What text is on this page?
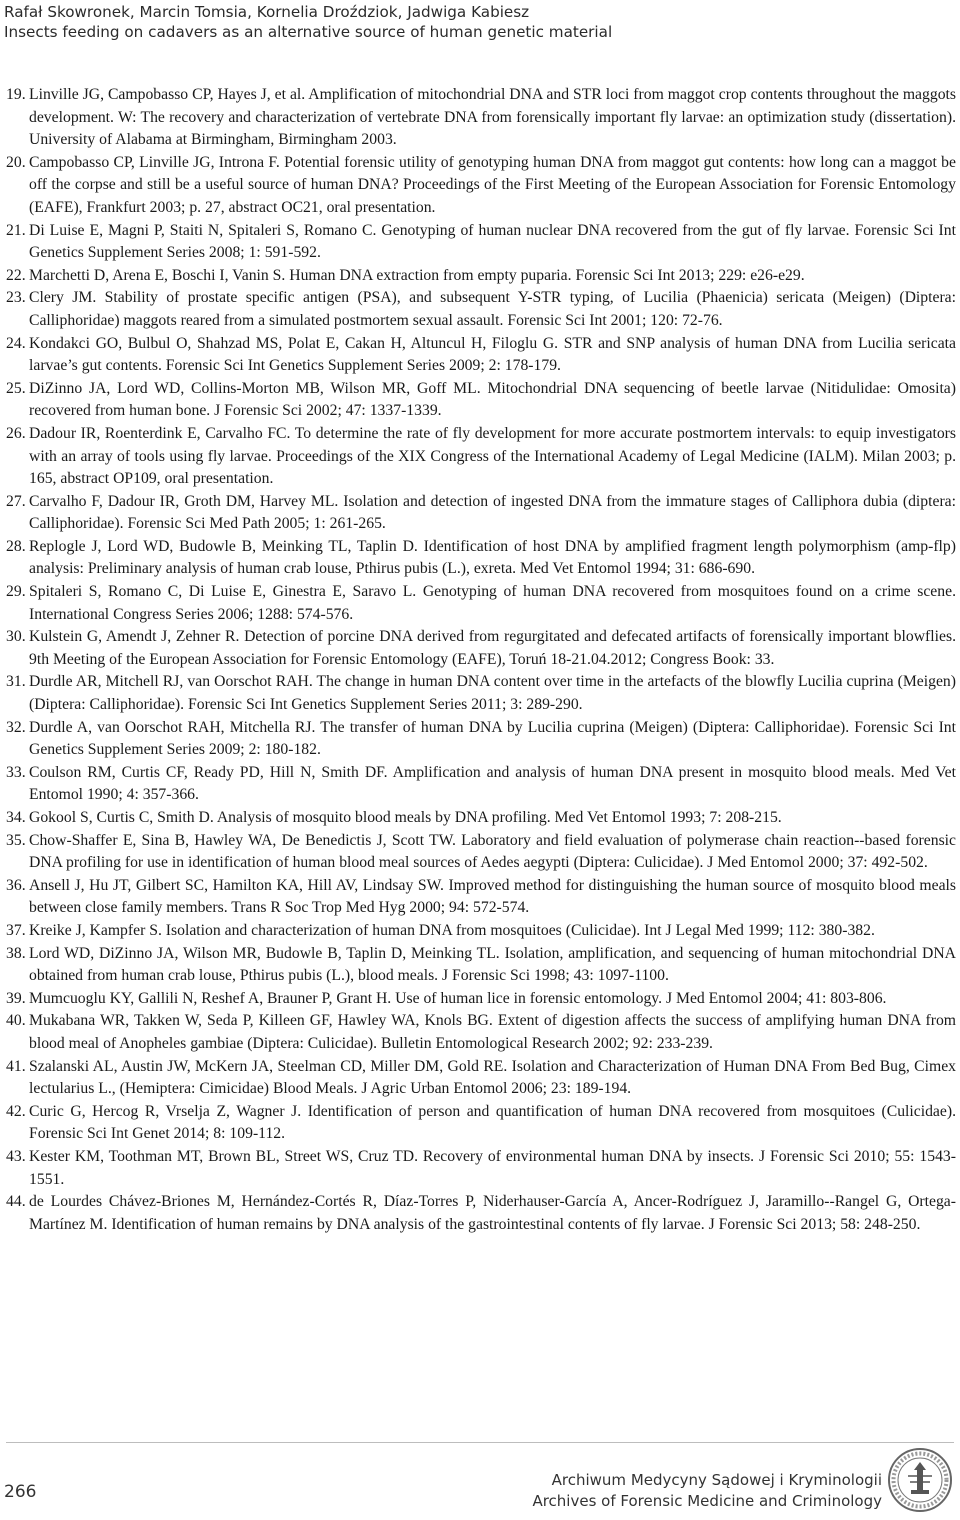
Rafał Skowronek, Marcin Tomsia, Kornelia Droździok, Jadwiga Kabiesz
Insects feeding on cadavers as an alternative source of human genetic material
19. Linville JG, Campobasso CP, Hayes J, et al. Amplification of mitochondrial DNA and STR loci from maggot crop contents throughout the maggots development. W: The recovery and characterization of vertebrate DNA from forensically important fly larvae: an optimization study (dissertation). University of Alabama at Birmingham, Birmingham 2003.
20. Campobasso CP, Linville JG, Introna F. Potential forensic utility of genotyping human DNA from maggot gut contents: how long can a maggot be off the corpse and still be a useful source of human DNA? Proceedings of the First Meeting of the European Association for Forensic Entomology (EAFE), Frankfurt 2003; p. 27, abstract OC21, oral presentation.
21. Di Luise E, Magni P, Staiti N, Spitaleri S, Romano C. Genotyping of human nuclear DNA recovered from the gut of fly larvae. Forensic Sci Int Genetics Supplement Series 2008; 1: 591-592.
22. Marchetti D, Arena E, Boschi I, Vanin S. Human DNA extraction from empty puparia. Forensic Sci Int 2013; 229: e26-e29.
23. Clery JM. Stability of prostate specific antigen (PSA), and subsequent Y-STR typing, of Lucilia (Phaenicia) sericata (Meigen) (Diptera: Calliphoridae) maggots reared from a simulated postmortem sexual assault. Forensic Sci Int 2001; 120: 72-76.
24. Kondakci GO, Bulbul O, Shahzad MS, Polat E, Cakan H, Altuncul H, Filoglu G. STR and SNP analysis of human DNA from Lucilia sericata larvae’s gut contents. Forensic Sci Int Genetics Supplement Series 2009; 2: 178-179.
25. DiZinno JA, Lord WD, Collins-Morton MB, Wilson MR, Goff ML. Mitochondrial DNA sequencing of beetle larvae (Nitidulidae: Omosita) recovered from human bone. J Forensic Sci 2002; 47: 1337-1339.
26. Dadour IR, Roenterdink E, Carvalho FC. To determine the rate of fly development for more accurate postmortem intervals: to equip investigators with an array of tools using fly larvae. Proceedings of the XIX Congress of the International Academy of Legal Medicine (IALM). Milan 2003; p. 165, abstract OP109, oral presentation.
27. Carvalho F, Dadour IR, Groth DM, Harvey ML. Isolation and detection of ingested DNA from the immature stages of Calliphora dubia (diptera: Calliphoridae). Forensic Sci Med Path 2005; 1: 261-265.
28. Replogle J, Lord WD, Budowle B, Meinking TL, Taplin D. Identification of host DNA by amplified fragment length polymorphism (amp-flp) analysis: Preliminary analysis of human crab louse, Pthirus pubis (L.), exreta. Med Vet Entomol 1994; 31: 686-690.
29. Spitaleri S, Romano C, Di Luise E, Ginestra E, Saravo L. Genotyping of human DNA recovered from mosquitoes found on a crime scene. International Congress Series 2006; 1288: 574-576.
30. Kulstein G, Amendt J, Zehner R. Detection of porcine DNA derived from regurgitated and defecated artifacts of forensically important blowflies. 9th Meeting of the European Association for Forensic Entomology (EAFE), Toruń 18-21.04.2012; Congress Book: 33.
31. Durdle AR, Mitchell RJ, van Oorschot RAH. The change in human DNA content over time in the artefacts of the blowfly Lucilia cuprina (Meigen) (Diptera: Calliphoridae). Forensic Sci Int Genetics Supplement Series 2011; 3: 289-290.
32. Durdle A, van Oorschot RAH, Mitchella RJ. The transfer of human DNA by Lucilia cuprina (Meigen) (Diptera: Calliphoridae). Forensic Sci Int Genetics Supplement Series 2009; 2: 180-182.
33. Coulson RM, Curtis CF, Ready PD, Hill N, Smith DF. Amplification and analysis of human DNA present in mosquito blood meals. Med Vet Entomol 1990; 4: 357-366.
34. Gokool S, Curtis C, Smith D. Analysis of mosquito blood meals by DNA profiling. Med Vet Entomol 1993; 7: 208-215.
35. Chow-Shaffer E, Sina B, Hawley WA, De Benedictis J, Scott TW. Laboratory and field evaluation of polymerase chain reaction--based forensic DNA profiling for use in identification of human blood meal sources of Aedes aegypti (Diptera: Culicidae). J Med Entomol 2000; 37: 492-502.
36. Ansell J, Hu JT, Gilbert SC, Hamilton KA, Hill AV, Lindsay SW. Improved method for distinguishing the human source of mosquito blood meals between close family members. Trans R Soc Trop Med Hyg 2000; 94: 572-574.
37. Kreike J, Kampfer S. Isolation and characterization of human DNA from mosquitoes (Culicidae). Int J Legal Med 1999; 112: 380-382.
38. Lord WD, DiZinno JA, Wilson MR, Budowle B, Taplin D, Meinking TL. Isolation, amplification, and sequencing of human mitochondrial DNA obtained from human crab louse, Pthirus pubis (L.), blood meals. J Forensic Sci 1998; 43: 1097-1100.
39. Mumcuoglu KY, Gallili N, Reshef A, Brauner P, Grant H. Use of human lice in forensic entomology. J Med Entomol 2004; 41: 803-806.
40. Mukabana WR, Takken W, Seda P, Killeen GF, Hawley WA, Knols BG. Extent of digestion affects the success of amplifying human DNA from blood meal of Anopheles gambiae (Diptera: Culicidae). Bulletin Entomological Research 2002; 92: 233-239.
41. Szalanski AL, Austin JW, McKern JA, Steelman CD, Miller DM, Gold RE. Isolation and Characterization of Human DNA From Bed Bug, Cimex lectularius L., (Hemiptera: Cimicidae) Blood Meals. J Agric Urban Entomol 2006; 23: 189-194.
42. Curic G, Hercog R, Vrselja Z, Wagner J. Identification of person and quantification of human DNA recovered from mosquitoes (Culicidae). Forensic Sci Int Genet 2014; 8: 109-112.
43. Kester KM, Toothman MT, Brown BL, Street WS, Cruz TD. Recovery of environmental human DNA by insects. J Forensic Sci 2010; 55: 1543-1551.
44. de Lourdes Chávez-Briones M, Hernández-Cortés R, Díaz-Torres P, Niderhauser-García A, Ancer-Rodríguez J, Jaramillo--Rangel G, Ortega-Martínez M. Identification of human remains by DNA analysis of the gastrointestinal contents of fly larvae. J Forensic Sci 2013; 58: 248-250.
266
Archiwum Medycyny Sądowej i Kryminologii
Archives of Forensic Medicine and Criminology
